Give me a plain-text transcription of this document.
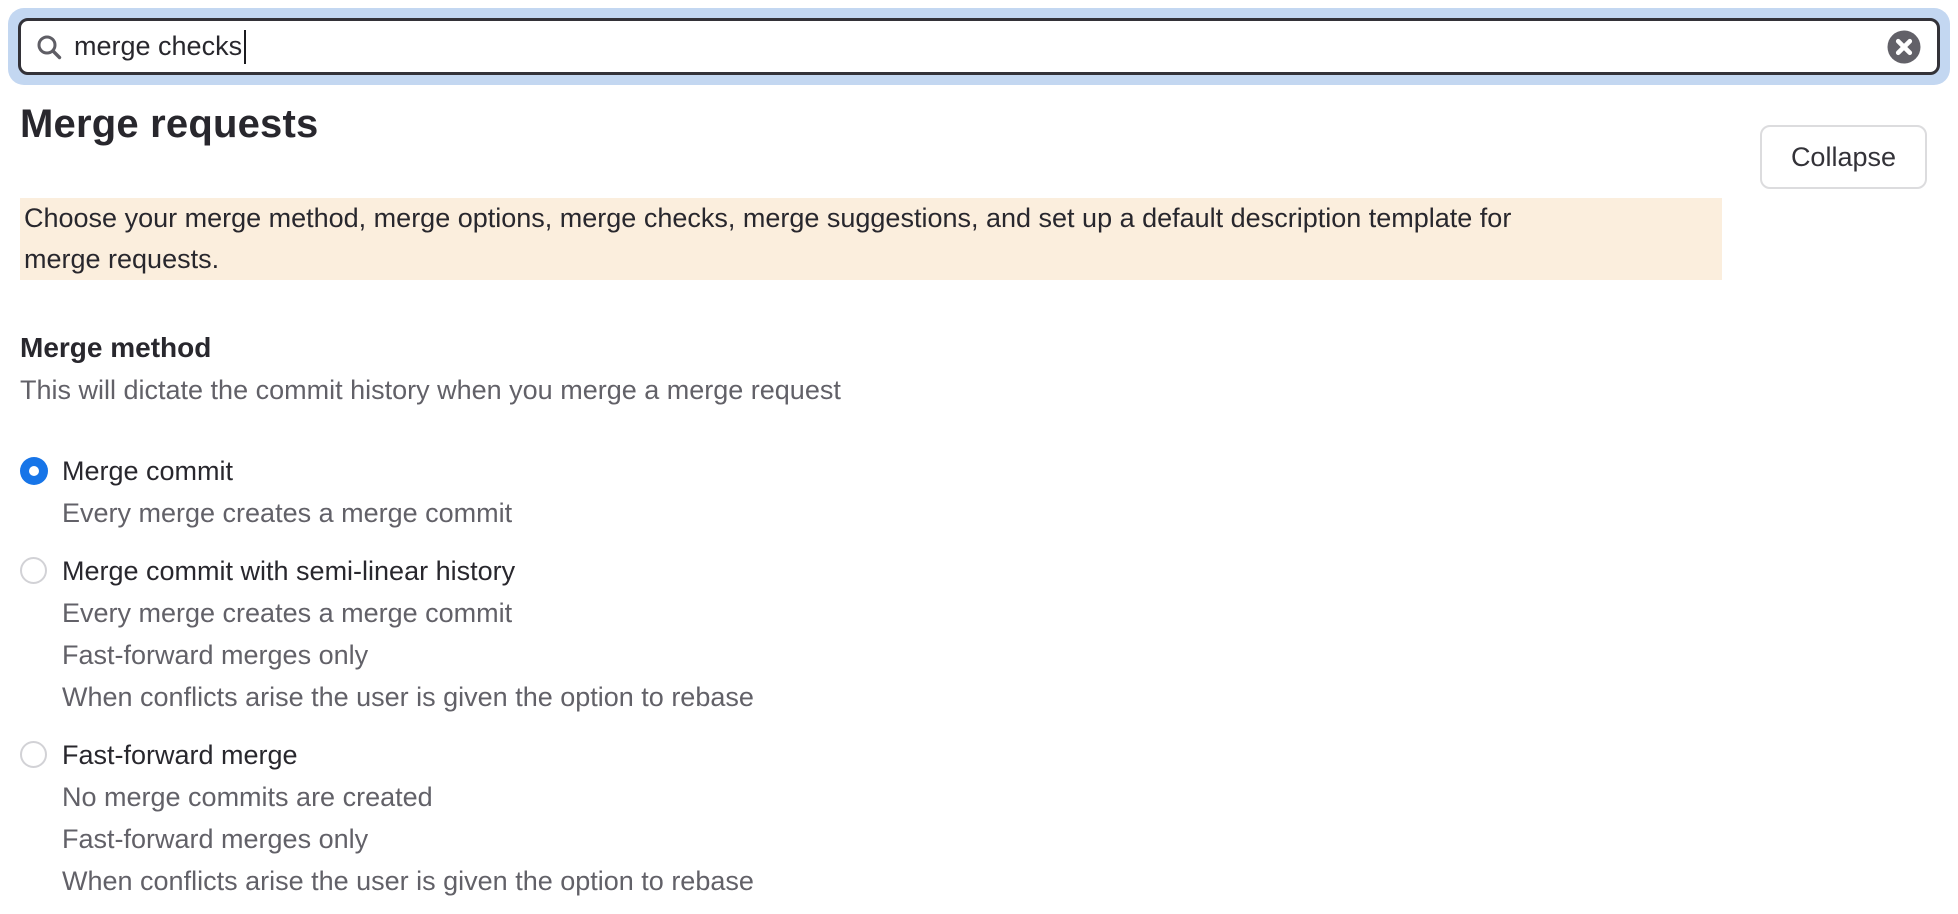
merge checks
Merge requests
Collapse
Choose your merge method, merge options, merge checks, merge suggestions, and set up a default description template for
merge requests.
Merge method
This will dictate the commit history when you merge a merge request
Merge commit
Every merge creates a merge commit
Merge commit with semi-linear history
Every merge creates a merge commit
Fast-forward merges only
When conflicts arise the user is given the option to rebase
Fast-forward merge
No merge commits are created
Fast-forward merges only
When conflicts arise the user is given the option to rebase
